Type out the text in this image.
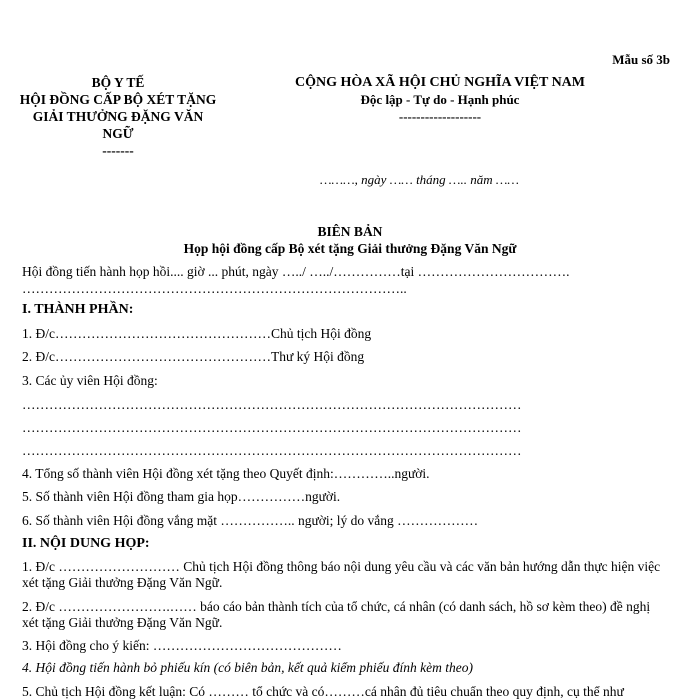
Mẫu số 3b
BỘ Y TẾ
HỘI ĐỒNG CẤP BỘ XÉT TẶNG GIẢI THƯỞNG ĐẶNG VĂN NGỮ
-------
CỘNG HÒA XÃ HỘI CHỦ NGHĨA VIỆT NAM
Độc lập - Tự do - Hạnh phúc
-------------------
………, ngày …… tháng ….. năm ……
BIÊN BẢN
Họp hội đồng cấp Bộ xét tặng Giải thưởng Đặng Văn Ngữ
Hội đồng tiến hành họp hồi.... giờ ... phút, ngày …../ …../……………tại …………………………….
…………………………………………………………………………..
I. THÀNH PHẦN:
1. Đ/c…………………………………………Chủ tịch Hội đồng
2. Đ/c…………………………………………Thư ký Hội đồng
3. Các ủy viên Hội đồng:
…………………………………………………………………………………………………
…………………………………………………………………………………………………
…………………………………………………………………………………………………
4. Tổng số thành viên Hội đồng xét tặng theo Quyết định:…………..người.
5. Số thành viên Hội đồng tham gia họp……………người.
6. Số thành viên Hội đồng vắng mặt …………….. người; lý do vắng ………………
II. NỘI DUNG HỌP:
1. Đ/c ……………………… Chủ tịch Hội đồng thông báo nội dung yêu cầu và các văn bản hướng dẫn thực hiện việc xét tặng Giải thưởng Đặng Văn Ngữ.
2. Đ/c …………………….…… báo cáo bản thành tích của tổ chức, cá nhân (có danh sách, hồ sơ kèm theo) đề nghị xét tặng Giải thưởng Đặng Văn Ngữ.
3. Hội đồng cho ý kiến: ……………………………………
4. Hội đồng tiến hành bỏ phiếu kín (có biên bản, kết quả kiểm phiếu đính kèm theo)
5. Chủ tịch Hội đồng kết luận: Có ……… tổ chức và có………cá nhân đủ tiêu chuẩn theo quy định, cụ thể như
